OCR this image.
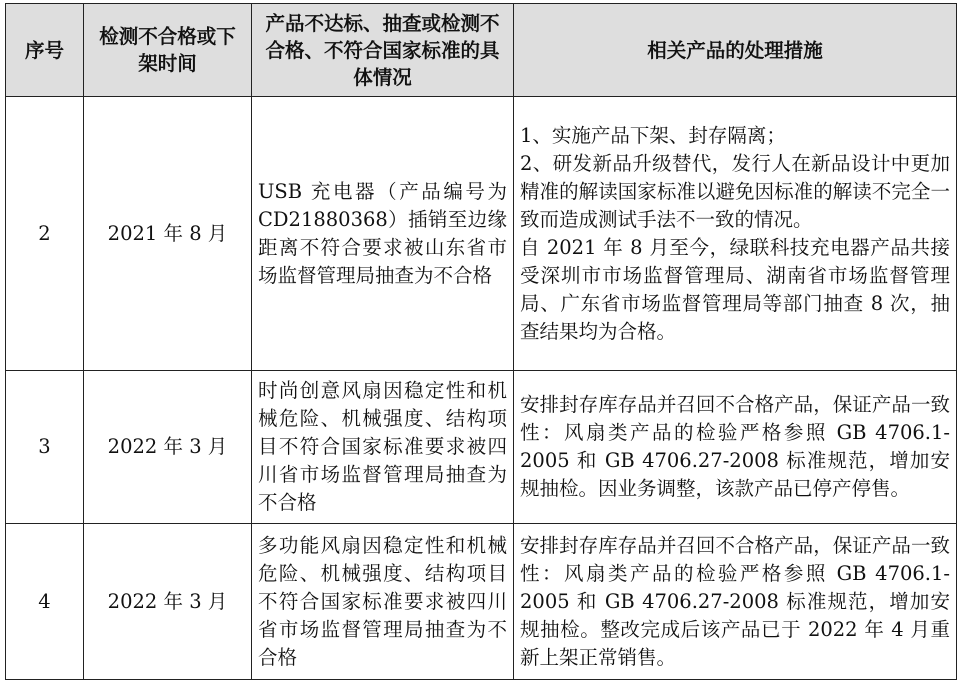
序号	检测不合格或下架时间	产品不达标、抽查或检测不合格、不符合国家标准的具体情况	相关产品的处理措施
2	2021 年 8 月	USB 充电器（产品编号为 CD21880368）插销至边缘距离不符合要求被山东省市场监督管理局抽查为不合格	1、实施产品下架、封存隔离；
2、研发新品升级替代，发行人在新品设计中更加精准的解读国家标准以避免因标准的解读不完全一致而造成测试手法不一致的情况。
自 2021 年 8 月至今，绿联科技充电器产品共接受深圳市市场监督管理局、湖南省市场监督管理局、广东省市场监督管理局等部门抽查 8 次，抽查结果均为合格。

3	2022 年 3 月	时尚创意风扇因稳定性和机械危险、机械强度、结构项目不符合国家标准要求被四川省市场监督管理局抽查为不合格	安排封存库存品并召回不合格产品，保证产品一致性：风扇类产品的检验严格参照 GB 4706.1-2005 和 GB 4706.27-2008 标准规范，增加安规抽检。因业务调整，该款产品已停产停售。

4	2022 年 3 月	多功能风扇因稳定性和机械危险、机械强度、结构项目不符合国家标准要求被四川省市场监督管理局抽查为不合格	安排封存库存品并召回不合格产品，保证产品一致性：风扇类产品的检验严格参照 GB 4706.1-2005 和 GB 4706.27-2008 标准规范，增加安规抽检。整改完成后该产品已于 2022 年 4 月重新上架正常销售。
